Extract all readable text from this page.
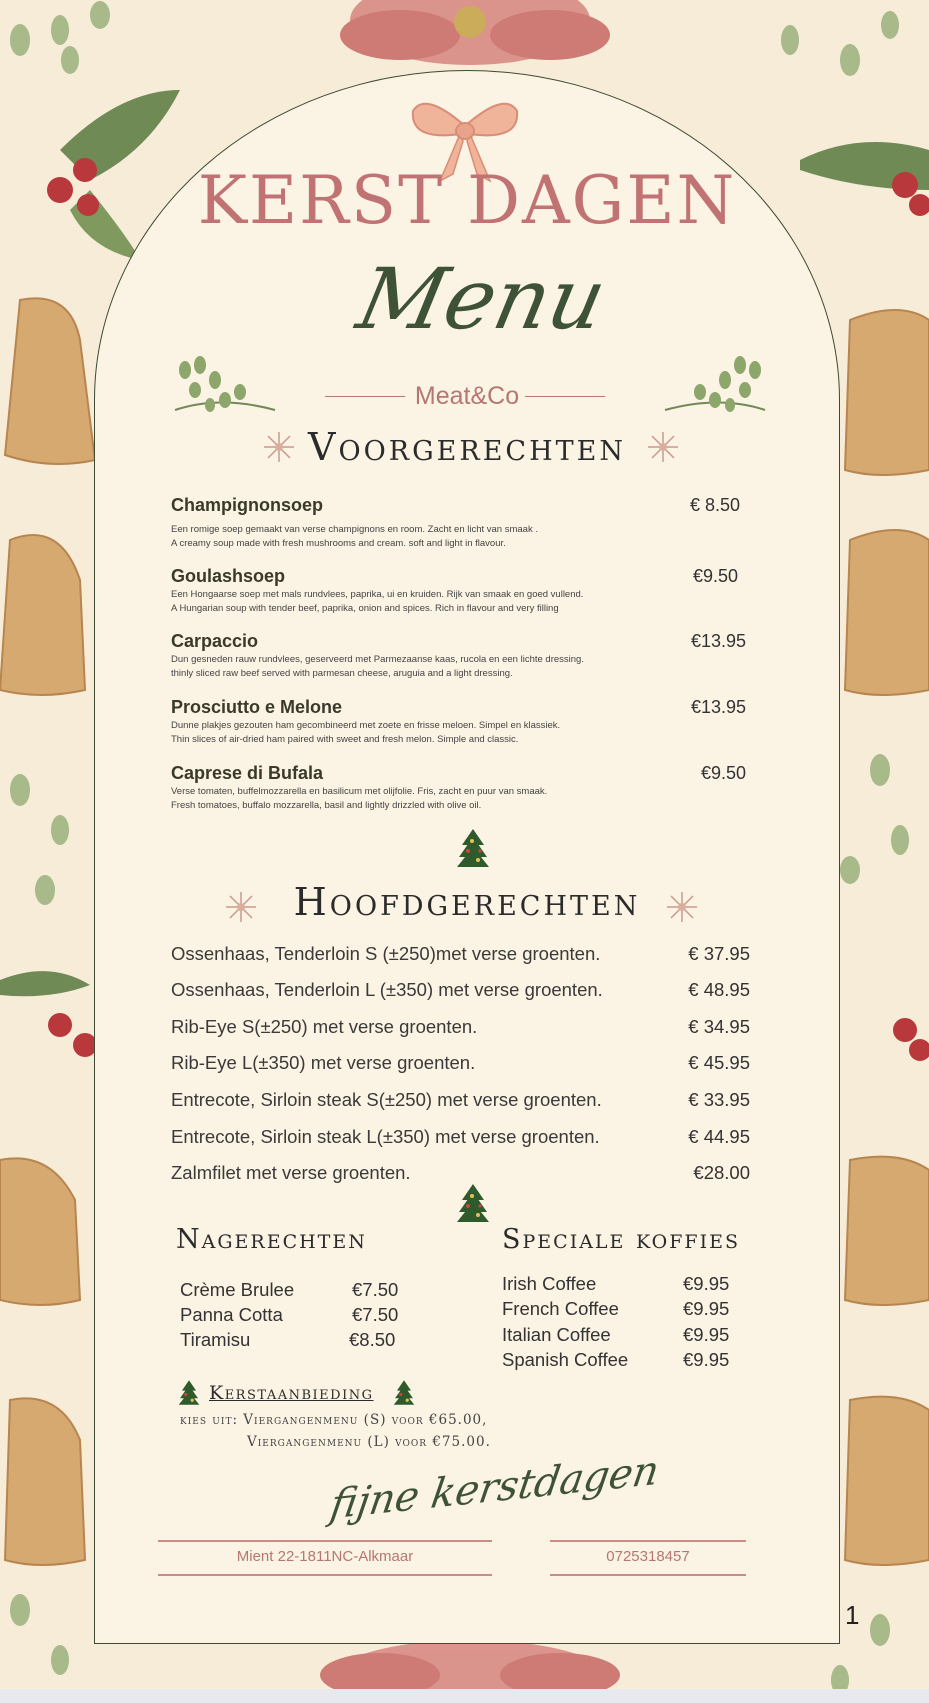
KERST DAGEN
Menu
Meat&Co
Voorgerechten
Champignonsoep	€ 8.50
Een romige soep gemaakt van verse champignons en room. Zacht en licht van smaak .
A creamy soup made with fresh mushrooms and cream. soft and light in flavour.
Goulashsoep	€9.50
Een Hongaarse soep met mals rundvlees, paprika, ui en kruiden. Rijk van smaak en goed vullend.
A Hungarian soup with tender beef, paprika, onion and spices. Rich in flavour and very filling
Carpaccio	€13.95
Dun gesneden rauw rundvlees, geserveerd met Parmezaanse kaas, rucola en een lichte dressing.
thinly sliced raw beef served with parmesan cheese, aruguia and a light dressing.
Prosciutto e Melone	€13.95
Dunne plakjes gezouten ham gecombineerd met zoete en frisse meloen. Simpel en klassiek.
Thin slices of air-dried ham paired with sweet and fresh melon. Simple and classic.
Caprese di Bufala	€9.50
Verse tomaten, buffelmozzarella en basilicum met olijfolie. Fris, zacht en puur van smaak.
Fresh tomatoes, buffalo mozzarella, basil and lightly drizzled with olive oil.
Hoofdgerechten
Ossenhaas, Tenderloin S (±250)met verse groenten.	€ 37.95
Ossenhaas, Tenderloin L (±350) met verse groenten.	€ 48.95
Rib-Eye S(±250) met verse groenten.	€ 34.95
Rib-Eye L(±350) met verse groenten.	€ 45.95
Entrecote, Sirloin steak S(±250) met verse groenten.	€ 33.95
Entrecote, Sirloin steak L(±350) met verse groenten.	€ 44.95
Zalmfilet met verse groenten.	€28.00
Nagerechten
Crème Brulee	€7.50
Panna Cotta	€7.50
Tiramisu	€8.50
Speciale koffies
Irish Coffee	€9.95
French Coffee	€9.95
Italian Coffee	€9.95
Spanish Coffee	€9.95
Kerstaanbieding
kies uit: Viergangenmenu (S) voor €65.00,
Viergangenmenu (L) voor €75.00.
fijne kerstdagen
Mient 22-1811NC-Alkmaar	0725318457
1
